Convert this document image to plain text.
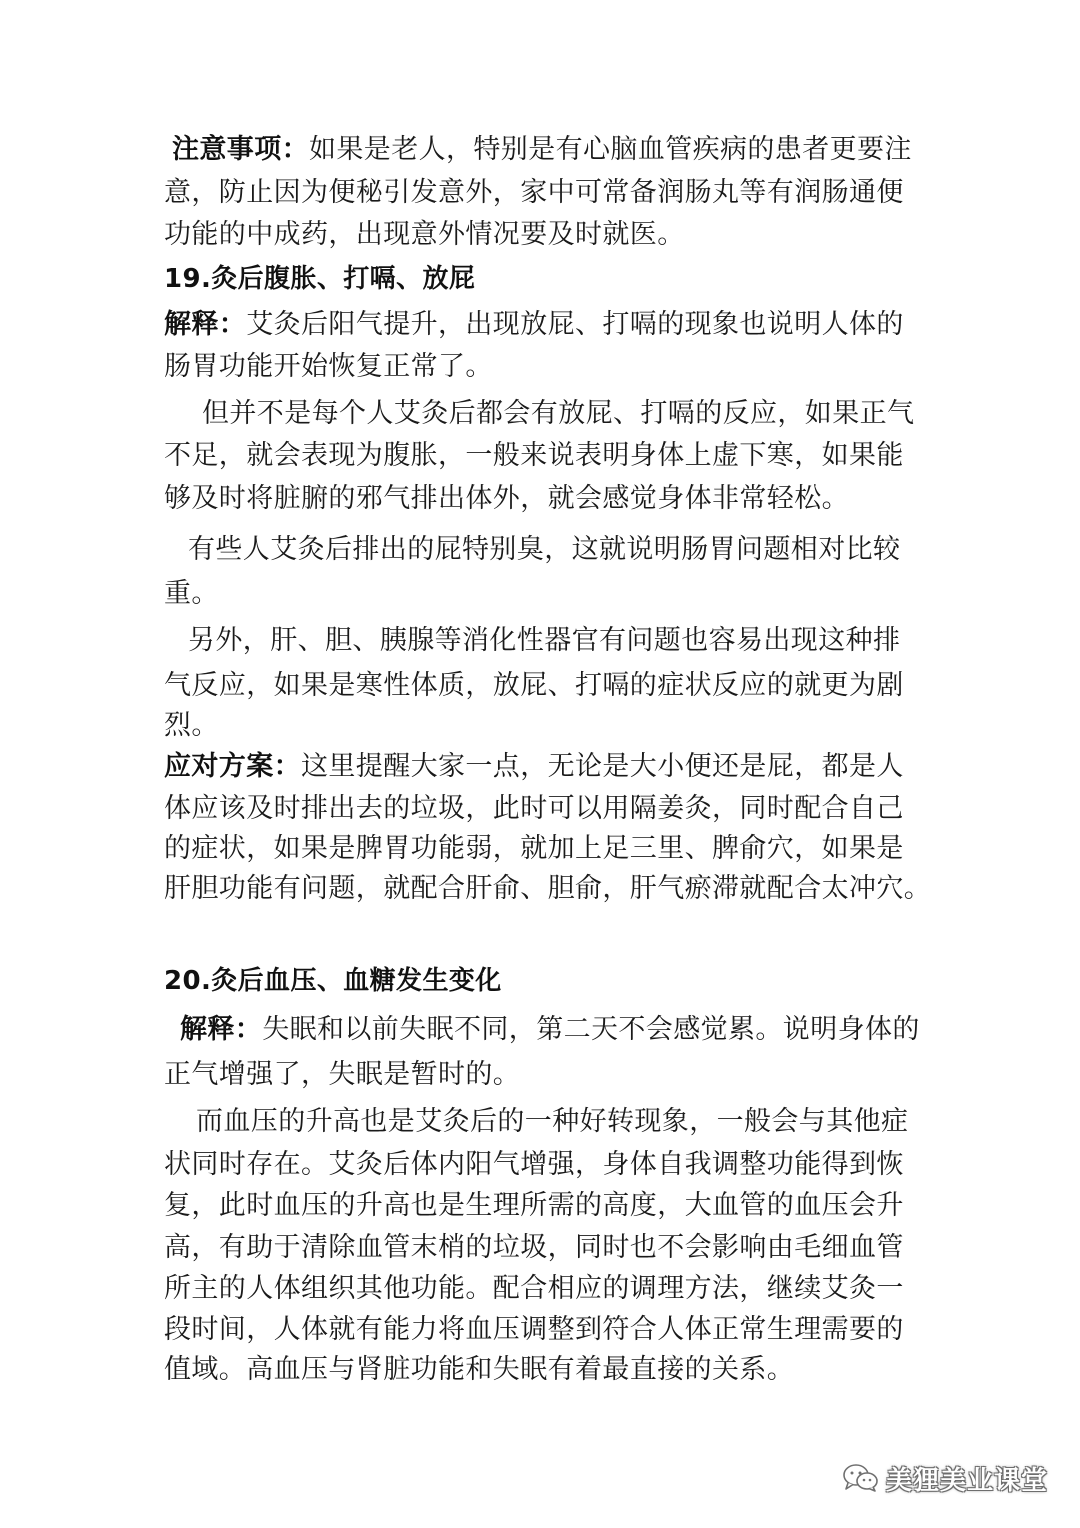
注意事项：如果是老人，特别是有心脑血管疾病的患者更要注
意，防止因为便秘引发意外，家中可常备润肠丸等有润肠通便
功能的中成药，出现意外情况要及时就医。
19.灸后腹胀、打嗝、放屁
解释：艾灸后阳气提升，出现放屁、打嗝的现象也说明人体的
肠胃功能开始恢复正常了。
但并不是每个人艾灸后都会有放屁、打嗝的反应，如果正气
不足，就会表现为腹胀，一般来说表明身体上虚下寒，如果能
够及时将脏腑的邪气排出体外，就会感觉身体非常轻松。
有些人艾灸后排出的屁特别臭，这就说明肠胃问题相对比较
重。
另外，肝、胆、胰腺等消化性器官有问题也容易出现这种排
气反应，如果是寒性体质，放屁、打嗝的症状反应的就更为剧
烈。
应对方案：这里提醒大家一点，无论是大小便还是屁，都是人
体应该及时排出去的垃圾，此时可以用隔姜灸，同时配合自己
的症状，如果是脾胃功能弱，就加上足三里、脾俞穴，如果是
肝胆功能有问题，就配合肝俞、胆俞，肝气瘀滞就配合太冲穴。
20.灸后血压、血糖发生变化
解释：失眠和以前失眠不同，第二天不会感觉累。说明身体的
正气增强了，失眠是暂时的。
而血压的升高也是艾灸后的一种好转现象，一般会与其他症
状同时存在。艾灸后体内阳气增强，身体自我调整功能得到恢
复，此时血压的升高也是生理所需的高度，大血管的血压会升
高，有助于清除血管末梢的垃圾，同时也不会影响由毛细血管
所主的人体组织其他功能。配合相应的调理方法，继续艾灸一
段时间，人体就有能力将血压调整到符合人体正常生理需要的
值域。高血压与肾脏功能和失眠有着最直接的关系。
美狸美业课堂
